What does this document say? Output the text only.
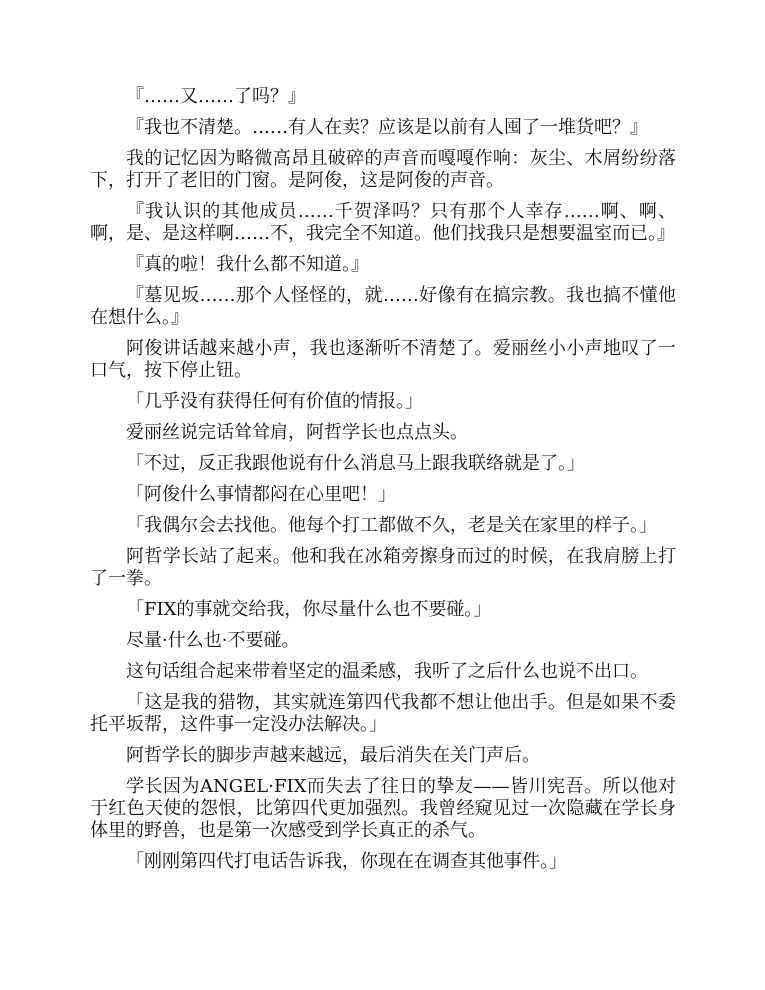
『……又……了吗？』

『我也不清楚。……有人在卖？应该是以前有人囤了一堆货吧？』

我的记忆因为略微高昂且破碎的声音而嘎嘎作响：灰尘、木屑纷纷落下，打开了老旧的门窗。是阿俊，这是阿俊的声音。

『我认识的其他成员……千贺泽吗？只有那个人幸存……啊、啊、啊，是、是这样啊……不，我完全不知道。他们找我只是想要温室而已。』

『真的啦！我什么都不知道。』

『墓见坂……那个人怪怪的，就……好像有在搞宗教。我也搞不懂他在想什么。』

阿俊讲话越来越小声，我也逐渐听不清楚了。爱丽丝小小声地叹了一口气，按下停止钮。

「几乎没有获得任何有价值的情报。」

爱丽丝说完话耸耸肩，阿哲学长也点点头。

「不过，反正我跟他说有什么消息马上跟我联络就是了。」

「阿俊什么事情都闷在心里吧！」

「我偶尔会去找他。他每个打工都做不久，老是关在家里的样子。」

阿哲学长站了起来。他和我在冰箱旁擦身而过的时候，在我肩膀上打了一拳。

「FIX的事就交给我，你尽量什么也不要碰。」

尽量·什么也·不要碰。

这句话组合起来带着坚定的温柔感，我听了之后什么也说不出口。

「这是我的猎物，其实就连第四代我都不想让他出手。但是如果不委托平坂帮，这件事一定没办法解决。」

阿哲学长的脚步声越来越远，最后消失在关门声后。

学长因为ANGEL·FIX而失去了往日的挚友——皆川宪吾。所以他对于红色天使的怨恨，比第四代更加强烈。我曾经窥见过一次隐藏在学长身体里的野兽，也是第一次感受到学长真正的杀气。

「刚刚第四代打电话告诉我，你现在在调查其他事件。」
